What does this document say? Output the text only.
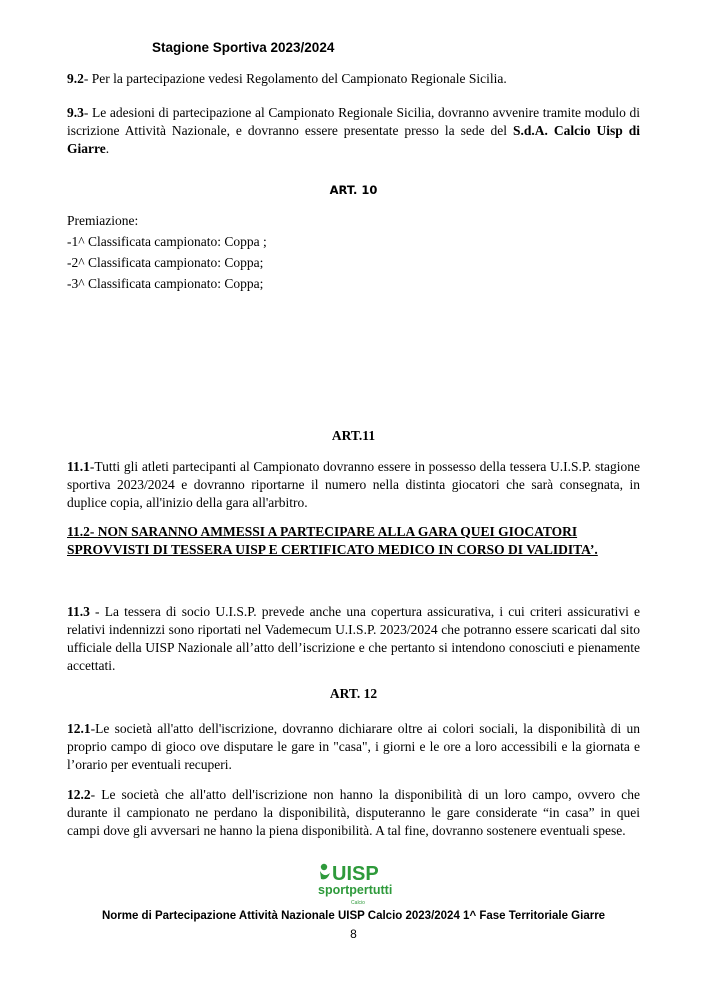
Stagione Sportiva 2023/2024
9.2- Per la partecipazione vedesi Regolamento del Campionato Regionale Sicilia.
9.3- Le adesioni di partecipazione al Campionato Regionale Sicilia, dovranno avvenire tramite modulo di iscrizione Attività Nazionale, e dovranno essere presentate presso la sede del S.d.A. Calcio Uisp di Giarre.
ART. 10
Premiazione:
-1^ Classificata campionato: Coppa ;
-2^ Classificata campionato: Coppa;
-3^ Classificata campionato: Coppa;
ART.11
11.1-Tutti gli atleti partecipanti al Campionato dovranno essere in possesso della tessera U.I.S.P. stagione sportiva 2023/2024 e dovranno riportarne il numero nella distinta giocatori che sarà consegnata, in duplice copia, all'inizio della gara all'arbitro.
11.2- NON SARANNO AMMESSI A PARTECIPARE ALLA GARA QUEI GIOCATORI
SPROVVISTI DI TESSERA UISP E CERTIFICATO MEDICO IN CORSO DI VALIDITA’.
11.3 - La tessera di socio U.I.S.P. prevede anche una copertura assicurativa, i cui criteri assicurativi e relativi indennizzi sono riportati nel Vademecum U.I.S.P. 2023/2024 che potranno essere scaricati dal sito ufficiale della UISP Nazionale all’atto dell’iscrizione e che pertanto si intendono conosciuti e pienamente accettati.
ART. 12
12.1-Le società all'atto dell'iscrizione, dovranno dichiarare oltre ai colori sociali, la disponibilità di un proprio campo di gioco ove disputare le gare in "casa", i giorni e le ore a loro accessibili e la giornata e l’orario per eventuali recuperi.
12.2- Le società che all'atto dell'iscrizione non hanno la disponibilità di un loro campo, ovvero che durante il campionato ne perdano la disponibilità, disputeranno le gare considerate “in casa” in quei campi dove gli avversari ne hanno la piena disponibilità. A tal fine, dovranno sostenere eventuali spese.
UISP
sportpertutti
Calcio
Norme di Partecipazione Attività Nazionale UISP Calcio 2023/2024 1^ Fase Territoriale Giarre
8
